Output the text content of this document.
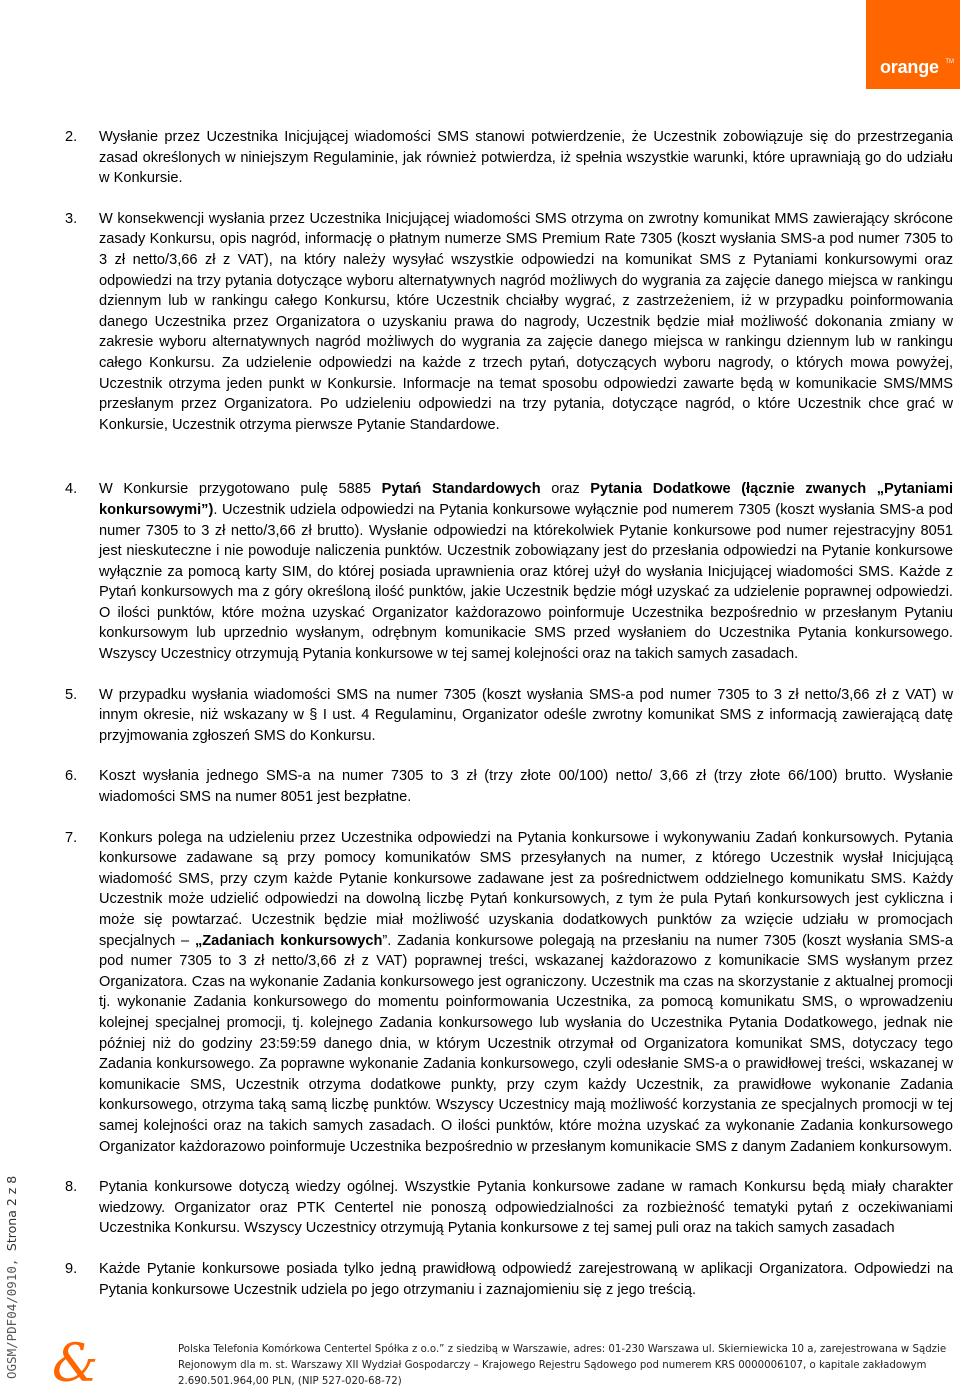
orange TM
2.	Wysłanie przez Uczestnika Inicjującej wiadomości SMS stanowi potwierdzenie, że Uczestnik zobowiązuje się do przestrzegania zasad określonych w niniejszym Regulaminie, jak również potwierdza, iż spełnia wszystkie warunki, które uprawniają go do udziału w Konkursie.
3.	W konsekwencji wysłania przez Uczestnika Inicjującej wiadomości SMS otrzyma on zwrotny komunikat MMS zawierający skrócone zasady Konkursu, opis nagród, informację o płatnym numerze SMS Premium Rate 7305 (koszt wysłania SMS-a pod numer 7305 to 3 zł netto/3,66 zł z VAT), na który należy wysyłać wszystkie odpowiedzi na komunikat SMS z Pytaniami konkursowymi oraz odpowiedzi na trzy pytania dotyczące wyboru alternatywnych nagród możliwych do wygrania za zajęcie danego miejsca w rankingu dziennym lub w rankingu całego Konkursu, które Uczestnik chciałby wygrać, z zastrzeżeniem, iż w przypadku poinformowania danego Uczestnika przez Organizatora o uzyskaniu prawa do nagrody, Uczestnik będzie miał możliwość dokonania zmiany w zakresie wyboru alternatywnych nagród możliwych do wygrania za zajęcie danego miejsca w rankingu dziennym lub w rankingu całego Konkursu. Za udzielenie odpowiedzi na każde z trzech pytań, dotyczących wyboru nagrody, o których mowa powyżej, Uczestnik otrzyma jeden punkt w Konkursie. Informacje na temat sposobu odpowiedzi zawarte będą w komunikacie SMS/MMS przesłanym przez Organizatora. Po udzieleniu odpowiedzi na trzy pytania, dotyczące nagród, o które Uczestnik chce grać w Konkursie, Uczestnik otrzyma pierwsze Pytanie Standardowe.
4.	W Konkursie przygotowano pulę 5885 Pytań Standardowych oraz Pytania Dodatkowe (łącznie zwanych „Pytaniami konkursowymi”). Uczestnik udziela odpowiedzi na Pytania konkursowe wyłącznie pod numerem 7305 (koszt wysłania SMS-a pod numer 7305 to 3 zł netto/3,66 zł brutto). Wysłanie odpowiedzi na którekolwiek Pytanie konkursowe pod numer rejestracyjny 8051 jest nieskuteczne i nie powoduje naliczenia punktów. Uczestnik zobowiązany jest do przesłania odpowiedzi na Pytanie konkursowe wyłącznie za pomocą karty SIM, do której posiada uprawnienia oraz której użył do wysłania Inicjującej wiadomości SMS. Każde z Pytań konkursowych ma z góry określoną ilość punktów, jakie Uczestnik będzie mógł uzyskać za udzielenie poprawnej odpowiedzi. O ilości punktów, które można uzyskać Organizator każdorazowo poinformuje Uczestnika bezpośrednio w przesłanym Pytaniu konkursowym lub uprzednio wysłanym, odrębnym komunikacie SMS przed wysłaniem do Uczestnika Pytania konkursowego. Wszyscy Uczestnicy otrzymują Pytania konkursowe w tej samej kolejności oraz na takich samych zasadach.
5.	W przypadku wysłania wiadomości SMS na numer 7305 (koszt wysłania SMS-a pod numer 7305 to 3 zł netto/3,66 zł z VAT) w innym okresie, niż wskazany w § I ust. 4 Regulaminu, Organizator odeśle zwrotny komunikat SMS z informacją zawierającą datę przyjmowania zgłoszeń SMS do Konkursu.
6.	Koszt wysłania jednego SMS-a na numer 7305 to 3 zł (trzy złote 00/100) netto/ 3,66 zł (trzy złote 66/100) brutto. Wysłanie wiadomości SMS na numer 8051 jest bezpłatne.
7.	Konkurs polega na udzieleniu przez Uczestnika odpowiedzi na Pytania konkursowe i wykonywaniu Zadań konkursowych. Pytania konkursowe zadawane są przy pomocy komunikatów SMS przesyłanych na numer, z którego Uczestnik wysłał Inicjującą wiadomość SMS, przy czym każde Pytanie konkursowe zadawane jest za pośrednictwem oddzielnego komunikatu SMS. Każdy Uczestnik może udzielić odpowiedzi na dowolną liczbę Pytań konkursowych, z tym że pula Pytań konkursowych jest cykliczna i może się powtarzać. Uczestnik będzie miał możliwość uzyskania dodatkowych punktów za wzięcie udziału w promocjach specjalnych – „Zadaniach konkursowych”. Zadania konkursowe polegają na przesłaniu na numer 7305 (koszt wysłania SMS-a pod numer 7305 to 3 zł netto/3,66 zł z VAT) poprawnej treści, wskazanej każdorazowo z komunikacie SMS wysłanym przez Organizatora. Czas na wykonanie Zadania konkursowego jest ograniczony. Uczestnik ma czas na skorzystanie z aktualnej promocji tj. wykonanie Zadania konkursowego do momentu poinformowania Uczestnika, za pomocą komunikatu SMS, o wprowadzeniu kolejnej specjalnej promocji, tj. kolejnego Zadania konkursowego lub wysłania do Uczestnika Pytania Dodatkowego, jednak nie później niż do godziny 23:59:59 danego dnia, w którym Uczestnik otrzymał od Organizatora komunikat SMS, dotyczacy tego Zadania konkursowego. Za poprawne wykonanie Zadania konkursowego, czyli odesłanie SMS-a o prawidłowej treści, wskazanej w komunikacie SMS, Uczestnik otrzyma dodatkowe punkty, przy czym każdy Uczestnik, za prawidłowe wykonanie Zadania konkursowego, otrzyma taką samą liczbę punktów. Wszyscy Uczestnicy mają możliwość korzystania ze specjalnych promocji w tej samej kolejności oraz na takich samych zasadach. O ilości punktów, które można uzyskać za wykonanie Zadania konkursowego Organizator każdorazowo poinformuje Uczestnika bezpośrednio w przesłanym komunikacie SMS z danym Zadaniem konkursowym.
8.	Pytania konkursowe dotyczą wiedzy ogólnej. Wszystkie Pytania konkursowe zadane w ramach Konkursu będą miały charakter wiedzowy. Organizator oraz PTK Centertel nie ponoszą odpowiedzialności za rozbieżność tematyki pytań z oczekiwaniami Uczestnika Konkursu. Wszyscy Uczestnicy otrzymują Pytania konkursowe z tej samej puli oraz na takich samych zasadach
9.	Każde Pytanie konkursowe posiada tylko jedną prawidłową odpowiedź zarejestrowaną w aplikacji Organizatora. Odpowiedzi na Pytania konkursowe Uczestnik udziela po jego otrzymaniu i zaznajomieniu się z jego treścią.
OGSM/PDF04/0910, Strona 2 z 8
&	Polska Telefonia Komórkowa Centertel Spółka z o.o.” z siedzibą w Warszawie, adres: 01-230 Warszawa ul. Skierniewicka 10 a, zarejestrowana w Sądzie
Rejonowym dla m. st. Warszawy XII Wydział Gospodarczy – Krajowego Rejestru Sądowego pod numerem KRS 0000006107, o kapitale zakładowym
2.690.501.964,00 PLN, (NIP 527-020-68-72)
